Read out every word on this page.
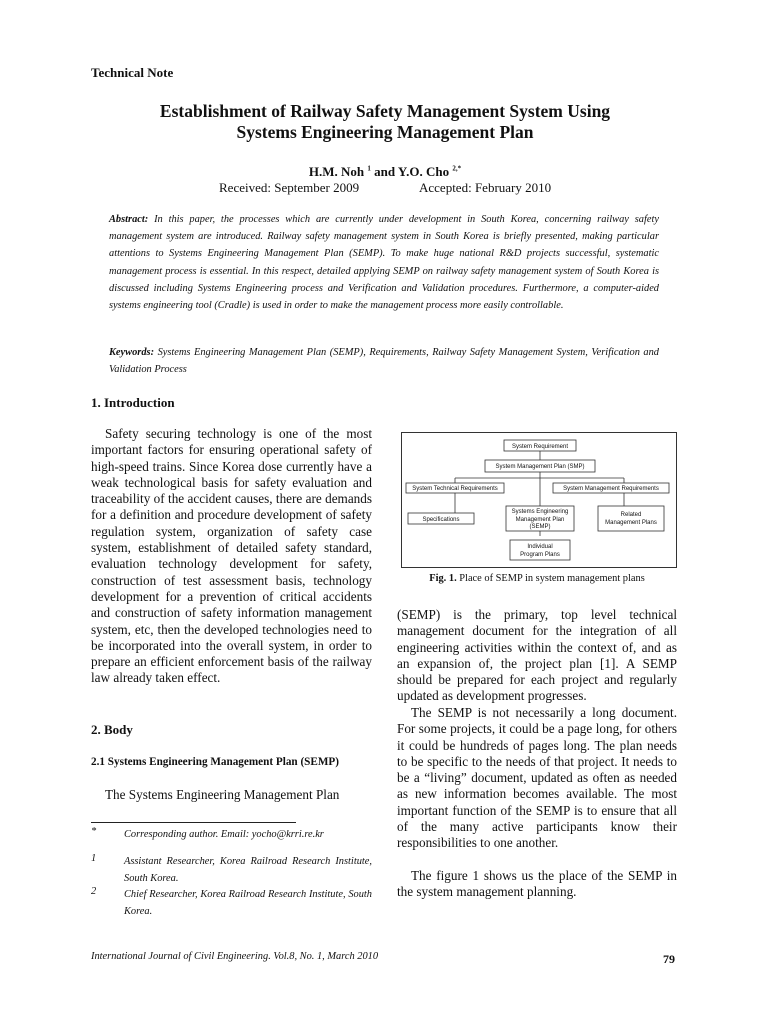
Technical Note
Establishment of Railway Safety Management System Using
Systems Engineering Management Plan
H.M. Noh $^1$ and Y.O. Cho $^{2,*}$
Received: September 2009	Accepted: February 2010
Abstract: In this paper, the processes which are currently under development in South Korea, concerning railway safety management system are introduced. Railway safety management system in South Korea is briefly presented, making particular attentions to Systems Engineering Management Plan (SEMP). To make huge national R&D projects successful, systematic management process is essential. In this respect, detailed applying SEMP on railway safety management system of South Korea is discussed including Systems Engineering process and Verification and Validation procedures. Furthermore, a computer-aided systems engineering tool (Cradle) is used in order to make the management process more easily controllable.
Keywords: Systems Engineering Management Plan (SEMP), Requirements, Railway Safety Management System, Verification and Validation Process
1. Introduction
Safety securing technology is one of the most important factors for ensuring operational safety of high-speed trains. Since Korea dose currently have a weak technological basis for safety evaluation and traceability of the accident causes, there are demands for a definition and procedure development of safety regulation system, organization of safety case system, establishment of detailed safety standard, evaluation technology development for safety, construction of test assessment basis, technology development for a prevention of critical accidents and construction of safety information management system, etc, then the developed technologies need to be incorporated into the overall system, in order to prepare an efficient enforcement basis of the railway law already taken effect.
2. Body
2.1 Systems Engineering Management Plan (SEMP)
The Systems Engineering Management Plan
*	Corresponding author. Email: yocho@krri.re.kr
1	Assistant Researcher, Korea Railroad Research Institute, South Korea.
2	Chief Researcher, Korea Railroad Research Institute, South Korea.
System Requirement
System Management Plan (SMP)
System Technical Requirements	System Management Requirements
Specifications
Systems Engineering
Management Plan
(SEMP)
Related
Management Plans
Individual
Program Plans
Fig. 1. Place of SEMP in system management plans
(SEMP) is the primary, top level technical management document for the integration of all engineering activities within the context of, and as an expansion of, the project plan [1]. A SEMP should be prepared for each project and regularly updated as development progresses.
The SEMP is not necessarily a long document. For some projects, it could be a page long, for others it could be hundreds of pages long. The plan needs to be specific to the needs of that project. It needs to be a “living” document, updated as often as needed as new information becomes available. The most important function of the SEMP is to ensure that all of the many active participants know their responsibilities to one another.
The figure 1 shows us the place of the SEMP in the system management planning.
International Journal of Civil Engineering. Vol.8, No. 1, March 2010	79
